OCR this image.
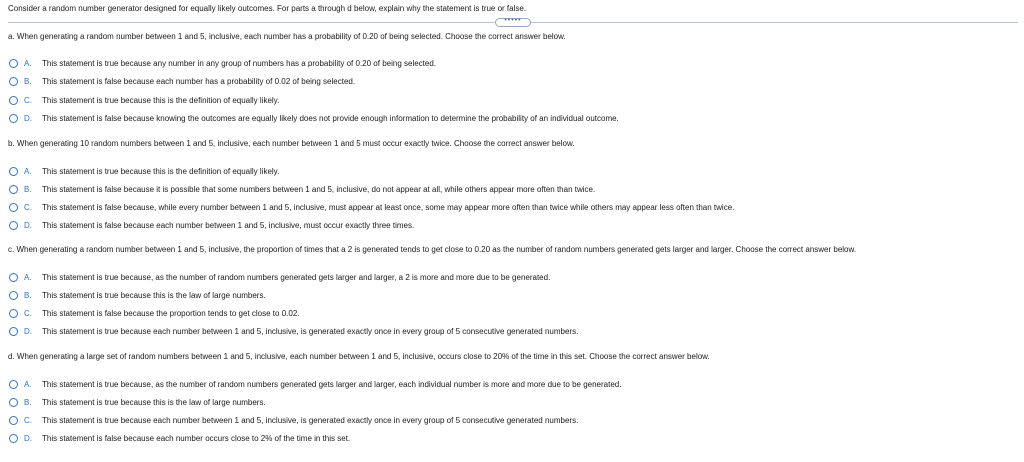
Consider a random number generator designed for equally likely outcomes. For parts a through d below, explain why the statement is true or false.
•••••
a. When generating a random number between 1 and 5, inclusive, each number has a probability of 0.20 of being selected. Choose the correct answer below.
A.	This statement is true because any number in any group of numbers has a probability of 0.20 of being selected.
B.	This statement is false because each number has a probability of 0.02 of being selected.
C.	This statement is true because this is the definition of equally likely.
D.	This statement is false because knowing the outcomes are equally likely does not provide enough information to determine the probability of an individual outcome.
b. When generating 10 random numbers between 1 and 5, inclusive, each number between 1 and 5 must occur exactly twice. Choose the correct answer below.
A.	This statement is true because this is the definition of equally likely.
B.	This statement is false because it is possible that some numbers between 1 and 5, inclusive, do not appear at all, while others appear more often than twice.
C.	This statement is false because, while every number between 1 and 5, inclusive, must appear at least once, some may appear more often than twice while others may appear less often than twice.
D.	This statement is false because each number between 1 and 5, inclusive, must occur exactly three times.
c. When generating a random number between 1 and 5, inclusive, the proportion of times that a 2 is generated tends to get close to 0.20 as the number of random numbers generated gets larger and larger. Choose the correct answer below.
A.	This statement is true because, as the number of random numbers generated gets larger and larger, a 2 is more and more due to be generated.
B.	This statement is true because this is the law of large numbers.
C.	This statement is false because the proportion tends to get close to 0.02.
D.	This statement is true because each number between 1 and 5, inclusive, is generated exactly once in every group of 5 consecutive generated numbers.
d. When generating a large set of random numbers between 1 and 5, inclusive, each number between 1 and 5, inclusive, occurs close to 20% of the time in this set. Choose the correct answer below.
A.	This statement is true because, as the number of random numbers generated gets larger and larger, each individual number is more and more due to be generated.
B.	This statement is true because this is the law of large numbers.
C.	This statement is true because each number between 1 and 5, inclusive, is generated exactly once in every group of 5 consecutive generated numbers.
D.	This statement is false because each number occurs close to 2% of the time in this set.
